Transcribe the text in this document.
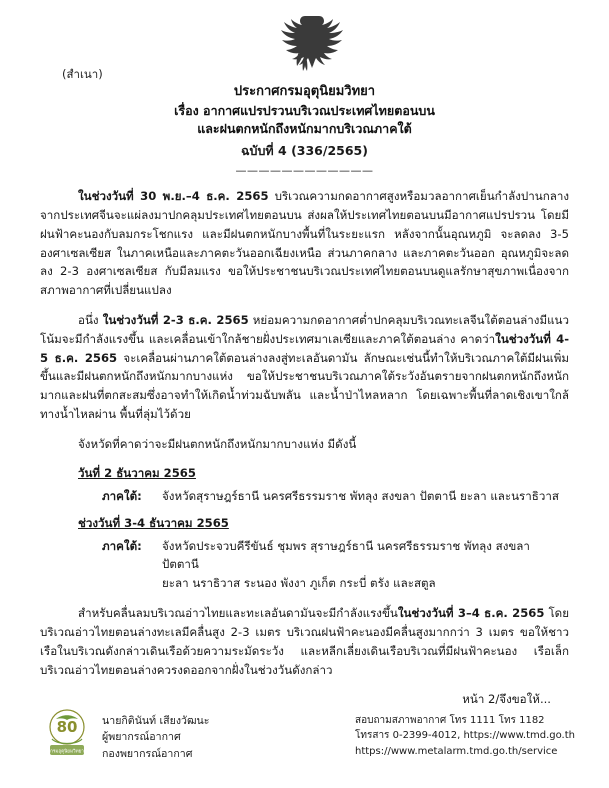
(สำเนา)
ประกาศกรมอุตุนิยมวิทยา
เรื่อง อากาศแปรปรวนบริเวณประเทศไทยตอนบน
และฝนตกหนักถึงหนักมากบริเวณภาคใต้
ฉบับที่ 4 (336/2565)
————————————

ในช่วงวันที่ 30 พ.ย.–4 ธ.ค. 2565 บริเวณความกดอากาศสูงหรือมวลอากาศเย็นกำลังปานกลางจากประเทศจีนจะแผ่ลงมาปกคลุมประเทศไทยตอนบน ส่งผลให้ประเทศไทยตอนบนมีอากาศแปรปรวน โดยมีฝนฟ้าคะนองกับลมกระโชกแรง และมีฝนตกหนักบางพื้นที่ในระยะแรก หลังจากนั้นอุณหภูมิ จะลดลง 3-5 องศาเซลเซียส ในภาคเหนือและภาคตะวันออกเฉียงเหนือ ส่วนภาคกลาง และภาคตะวันออก อุณหภูมิจะลดลง 2-3 องศาเซลเซียส กับมีลมแรง ขอให้ประชาชนบริเวณประเทศไทยตอนบนดูแลรักษาสุขภาพเนื่องจากสภาพอากาศที่เปลี่ยนแปลง

อนึ่ง ในช่วงวันที่ 2-3 ธ.ค. 2565 หย่อมความกดอากาศต่ำปกคลุมบริเวณทะเลจีนใต้ตอนล่างมีแนวโน้มจะมีกำลังแรงขึ้น และเคลื่อนเข้าใกล้ชายฝั่งประเทศมาเลเซียและภาคใต้ตอนล่าง คาดว่าในช่วงวันที่ 4-5 ธ.ค. 2565 จะเคลื่อนผ่านภาคใต้ตอนล่างลงสู่ทะเลอันดามัน ลักษณะเช่นนี้ทำให้บริเวณภาคใต้มีฝนเพิ่มขึ้นและมีฝนตกหนักถึงหนักมากบางแห่ง ขอให้ประชาชนบริเวณภาคใต้ระวังอันตรายจากฝนตกหนักถึงหนักมากและฝนที่ตกสะสมซึ่งอาจทำให้เกิดน้ำท่วมฉับพลัน และน้ำป่าไหลหลาก โดยเฉพาะพื้นที่ลาดเชิงเขาใกล้ทางน้ำไหลผ่าน พื้นที่ลุ่มไว้ด้วย

จังหวัดที่คาดว่าจะมีฝนตกหนักถึงหนักมากบางแห่ง มีดังนี้

วันที่ 2 ธันวาคม 2565
ภาคใต้:	จังหวัดสุราษฎร์ธานี นครศรีธรรมราช พัทลุง สงขลา ปัตตานี ยะลา และนราธิวาส
ช่วงวันที่ 3-4 ธันวาคม 2565
ภาคใต้:	จังหวัดประจวบคีรีขันธ์ ชุมพร สุราษฎร์ธานี นครศรีธรรมราช พัทลุง สงขลา ปัตตานี
ยะลา นราธิวาส ระนอง พังงา ภูเก็ต กระบี่ ตรัง และสตูล

สำหรับคลื่นลมบริเวณอ่าวไทยและทะเลอันดามันจะมีกำลังแรงขึ้นในช่วงวันที่ 3–4 ธ.ค. 2565 โดยบริเวณอ่าวไทยตอนล่างทะเลมีคลื่นสูง 2-3 เมตร บริเวณฝนฟ้าคะนองมีคลื่นสูงมากกว่า 3 เมตร ขอให้ชาวเรือในบริเวณดังกล่าวเดินเรือด้วยความระมัดระวัง และหลีกเลี่ยงเดินเรือบริเวณที่มีฝนฟ้าคะนอง เรือเล็กบริเวณอ่าวไทยตอนล่างควรงดออกจากฝั่งในช่วงวันดังกล่าว

หน้า 2/จึงขอให้...
80
กรมอุตุนิยมวิทยา
นายกิตินันท์ เสียงวัฒนะ
ผู้พยากรณ์อากาศ
กองพยากรณ์อากาศ
สอบถามสภาพอากาศ โทร 1111 โทร 1182
โทรสาร 0-2399-4012, https://www.tmd.go.th
https://www.metalarm.tmd.go.th/service
